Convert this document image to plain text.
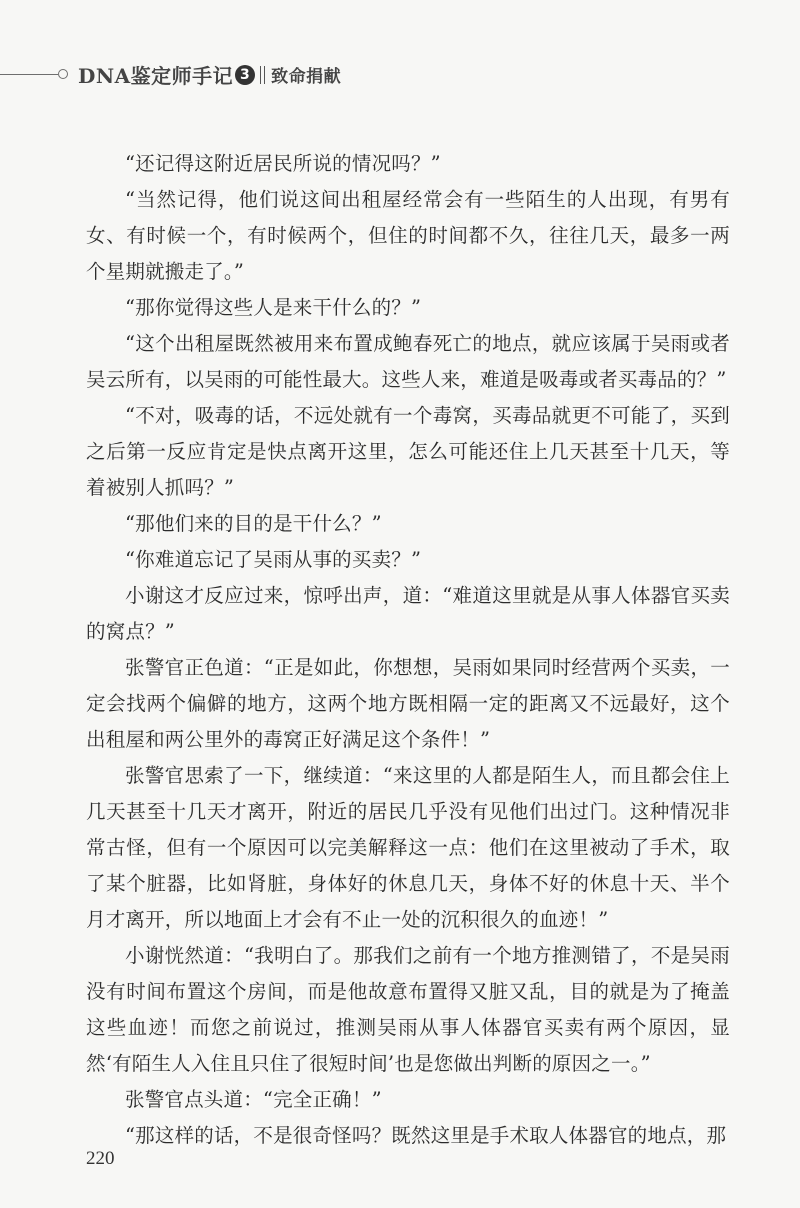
DNA鉴定师手记 3 致命捐献

“还记得这附近居民所说的情况吗？”

“当然记得，他们说这间出租屋经常会有一些陌生的人出现，有男有女、有时候一个，有时候两个，但住的时间都不久，往往几天，最多一两个星期就搬走了。”

“那你觉得这些人是来干什么的？”

“这个出租屋既然被用来布置成鲍春死亡的地点，就应该属于吴雨或者吴云所有，以吴雨的可能性最大。这些人来，难道是吸毒或者买毒品的？”

“不对，吸毒的话，不远处就有一个毒窝，买毒品就更不可能了，买到之后第一反应肯定是快点离开这里，怎么可能还住上几天甚至十几天，等着被别人抓吗？”

“那他们来的目的是干什么？”

“你难道忘记了吴雨从事的买卖？”

小谢这才反应过来，惊呼出声，道：“难道这里就是从事人体器官买卖的窝点？”

张警官正色道：“正是如此，你想想，吴雨如果同时经营两个买卖，一定会找两个偏僻的地方，这两个地方既相隔一定的距离又不远最好，这个出租屋和两公里外的毒窝正好满足这个条件！”

张警官思索了一下，继续道：“来这里的人都是陌生人，而且都会住上几天甚至十几天才离开，附近的居民几乎没有见他们出过门。这种情况非常古怪，但有一个原因可以完美解释这一点：他们在这里被动了手术，取了某个脏器，比如肾脏，身体好的休息几天，身体不好的休息十天、半个月才离开，所以地面上才会有不止一处的沉积很久的血迹！”

小谢恍然道：“我明白了。那我们之前有一个地方推测错了，不是吴雨没有时间布置这个房间，而是他故意布置得又脏又乱，目的就是为了掩盖这些血迹！而您之前说过，推测吴雨从事人体器官买卖有两个原因，显然‘有陌生人入住且只住了很短时间’也是您做出判断的原因之一。”

张警官点头道：“完全正确！”

“那这样的话，不是很奇怪吗？既然这里是手术取人体器官的地点，那

220
